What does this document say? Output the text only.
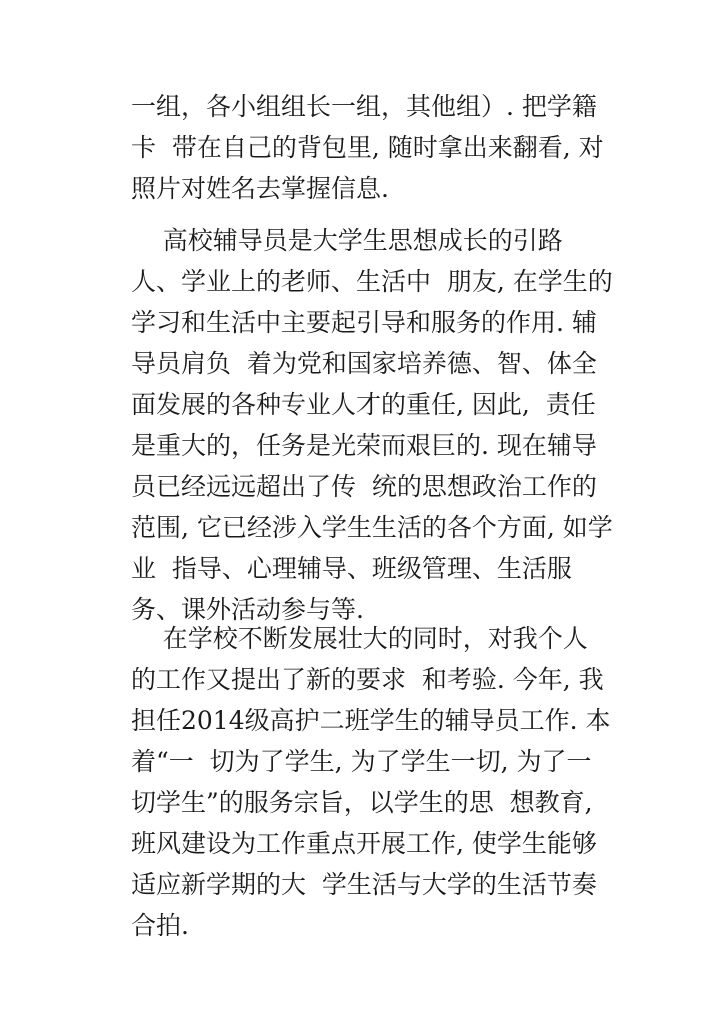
一组，各小组组长一组，其他组）. 把学籍
卡  带在自己的背包里, 随时拿出来翻看, 对
照片对姓名去掌握信息.

高校辅导员是大学生思想成长的引路
人、学业上的老师、生活中  朋友, 在学生的
学习和生活中主要起引导和服务的作用. 辅
导员肩负  着为党和国家培养德、智、体全
面发展的各种专业人才的重任, 因此,  责任
是重大的，任务是光荣而艰巨的. 现在辅导
员已经远远超出了传  统的思想政治工作的
范围, 它已经涉入学生生活的各个方面, 如学
业  指导、心理辅导、班级管理、生活服
务、课外活动参与等.

在学校不断发展壮大的同时，对我个人
的工作又提出了新的要求  和考验. 今年, 我
担任2014级高护二班学生的辅导员工作. 本
着“一  切为了学生, 为了学生一切, 为了一
切学生”的服务宗旨，以学生的思  想教育,
班风建设为工作重点开展工作, 使学生能够
适应新学期的大  学生活与大学的生活节奏
合拍.
